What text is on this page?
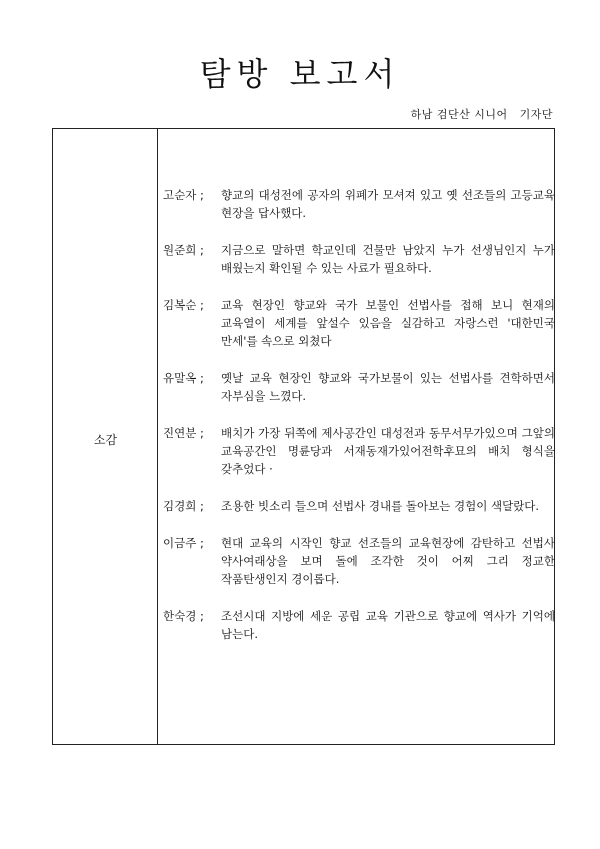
탐방 보고서
하남 검단산 시니어   기자단
소감
고순자 ;	향교의 대성전에 공자의 위폐가 모셔져 있고 옛 선조들의 고등교육 현장을 답사했다.
원준희 ;	지금으로 말하면 학교인데 건물만 남았지 누가 선생님인지 누가 배웠는지 확인될 수 있는 사료가 필요하다.
김복순 ;	교육 현장인 향교와 국가 보물인 선법사를 접해 보니 현재의 교육열이 세계를 앞설수 있음을 실감하고 자랑스런 '대한민국 만세'를 속으로 외쳤다
유말옥 ;	옛날 교육 현장인 향교와 국가보물이 있는 선법사를 견학하면서 자부심을 느꼈다.
진연분 ;	배치가 가장 뒤쪽에 제사공간인 대성전과 동무서무가있으며 그앞의 교육공간인 명륜당과 서재동재가있어전학후묘의 배치 형식을 갖추었다 ·
김경희 ;	조용한 빗소리 들으며 선법사 경내를 돌아보는 경험이 색달랐다.
이금주 ;	현대 교육의 시작인 향교 선조들의 교육현장에 감탄하고 선법사 약사여래상을 보며 돌에 조각한 것이 어찌 그리 정교한 작품탄생인지 경이롭다.
한숙경 ;	조선시대 지방에 세운 공립 교육 기관으로 향교에 역사가 기억에 남는다.
